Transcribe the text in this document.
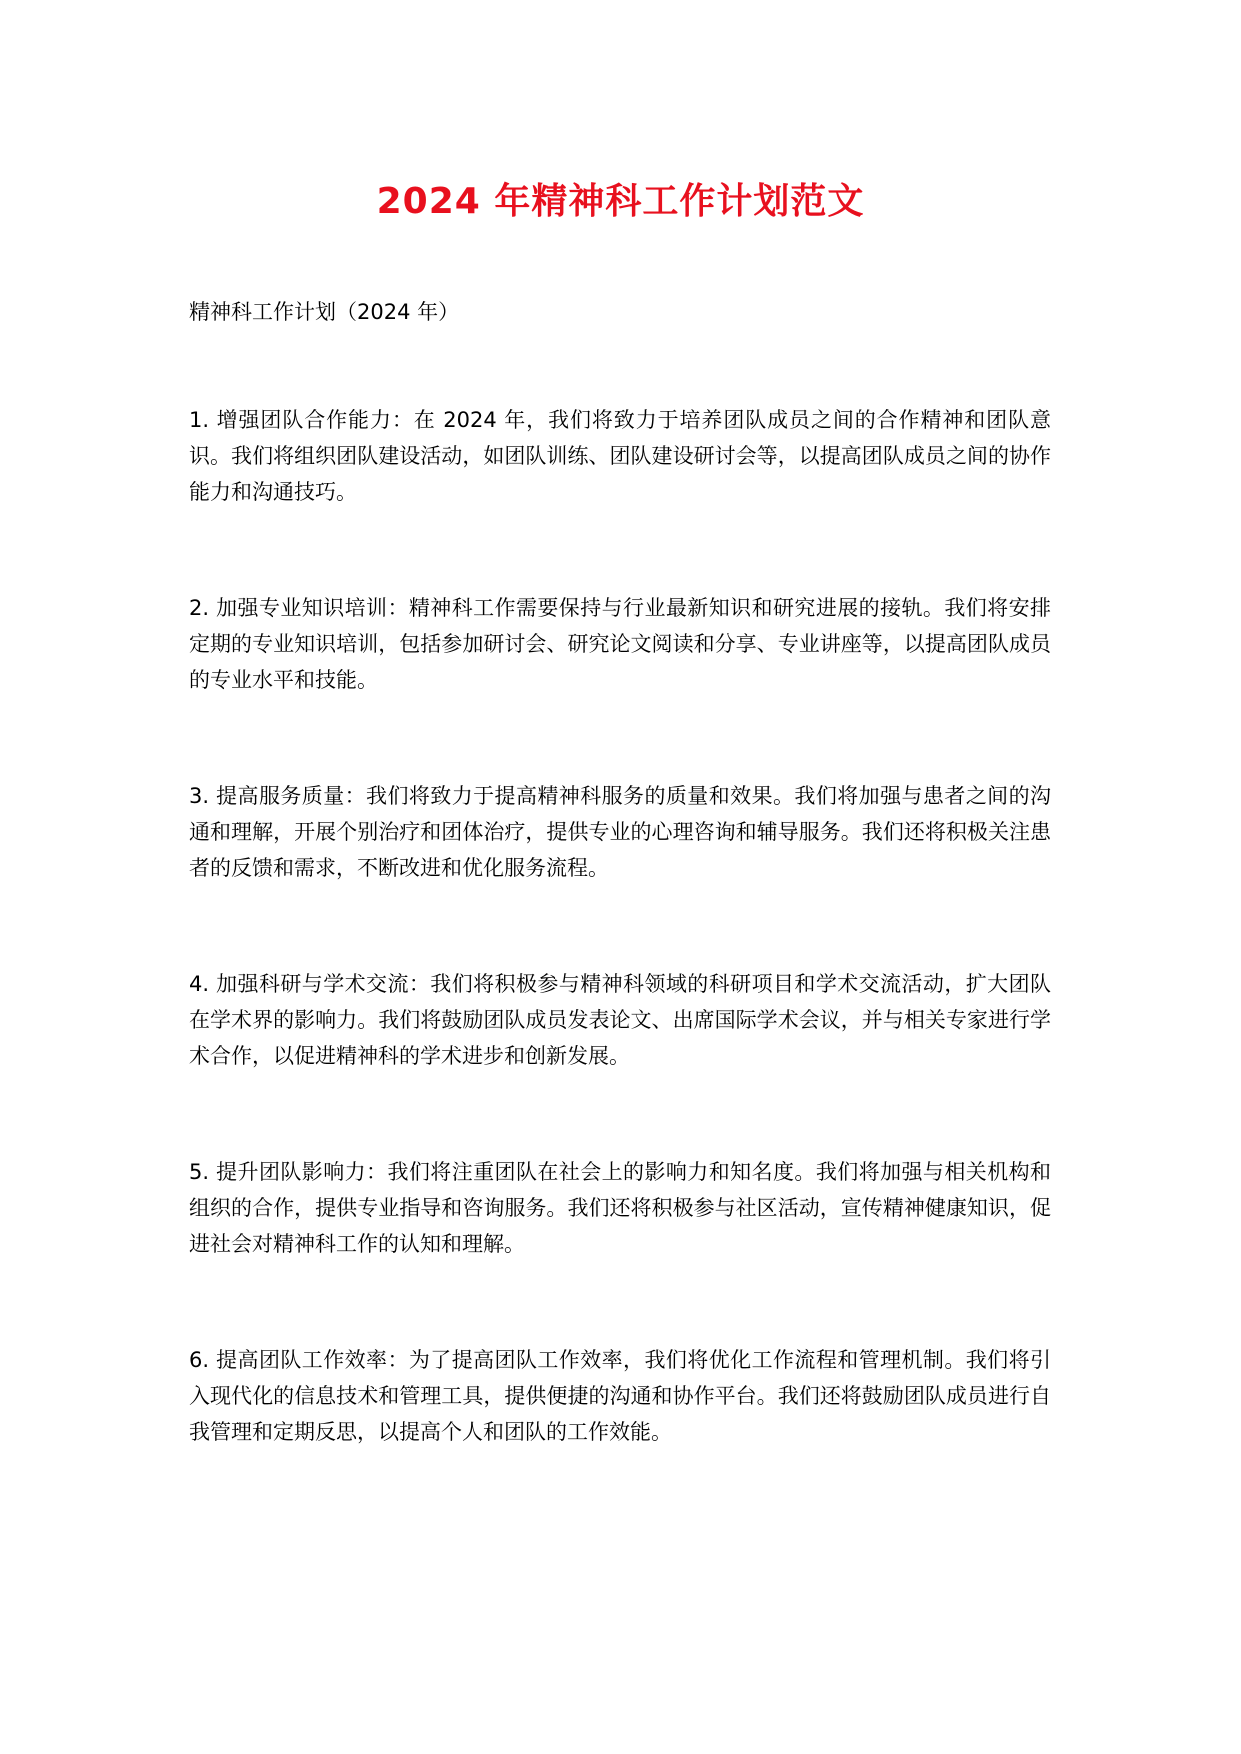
2024 年精神科工作计划范文
精神科工作计划（2024 年）

1. 增强团队合作能力：在 2024 年，我们将致力于培养团队成员之间的合作精神和团队意识。我们将组织团队建设活动，如团队训练、团队建设研讨会等，以提高团队成员之间的协作能力和沟通技巧。

2. 加强专业知识培训：精神科工作需要保持与行业最新知识和研究进展的接轨。我们将安排定期的专业知识培训，包括参加研讨会、研究论文阅读和分享、专业讲座等，以提高团队成员的专业水平和技能。

3. 提高服务质量：我们将致力于提高精神科服务的质量和效果。我们将加强与患者之间的沟通和理解，开展个别治疗和团体治疗，提供专业的心理咨询和辅导服务。我们还将积极关注患者的反馈和需求，不断改进和优化服务流程。

4. 加强科研与学术交流：我们将积极参与精神科领域的科研项目和学术交流活动，扩大团队在学术界的影响力。我们将鼓励团队成员发表论文、出席国际学术会议，并与相关专家进行学术合作，以促进精神科的学术进步和创新发展。

5. 提升团队影响力：我们将注重团队在社会上的影响力和知名度。我们将加强与相关机构和组织的合作，提供专业指导和咨询服务。我们还将积极参与社区活动，宣传精神健康知识，促进社会对精神科工作的认知和理解。

6. 提高团队工作效率：为了提高团队工作效率，我们将优化工作流程和管理机制。我们将引入现代化的信息技术和管理工具，提供便捷的沟通和协作平台。我们还将鼓励团队成员进行自我管理和定期反思，以提高个人和团队的工作效能。
